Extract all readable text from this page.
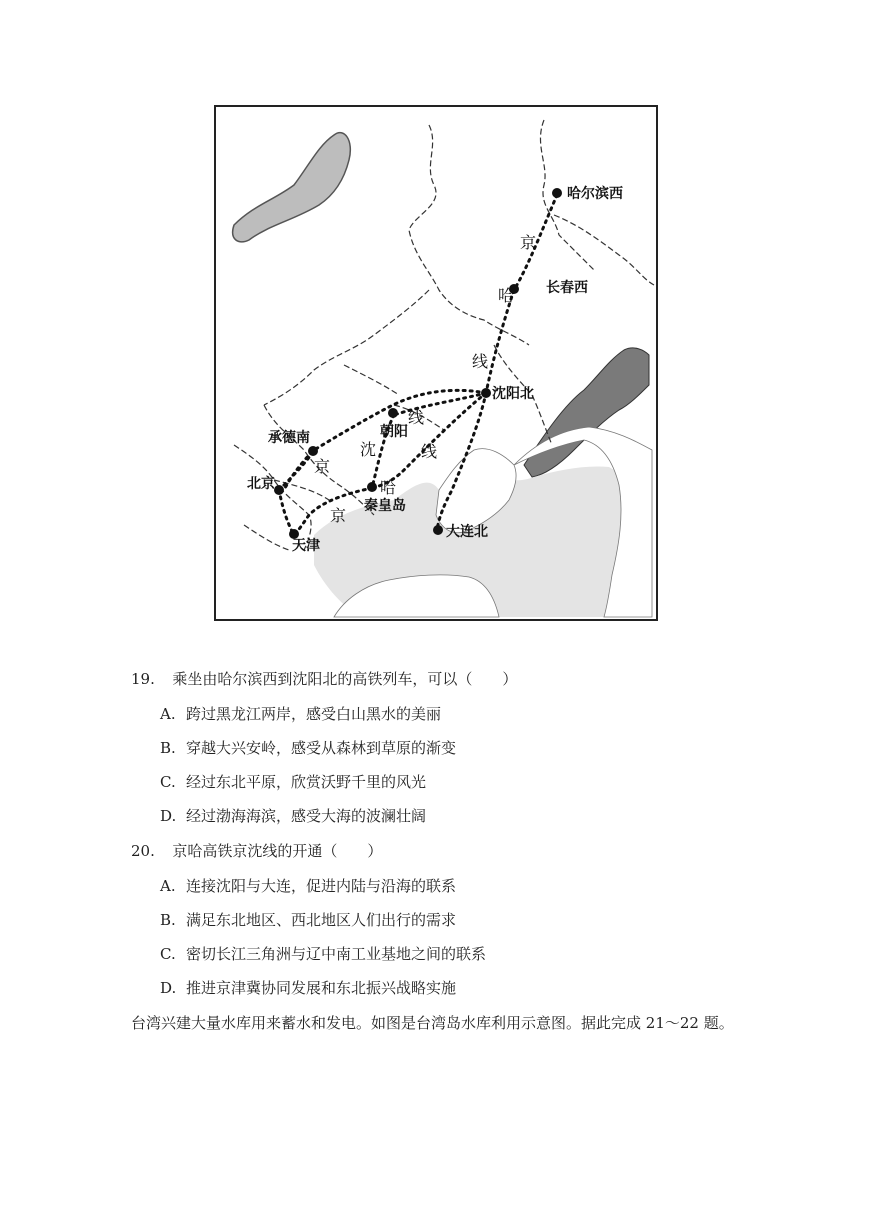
哈尔滨西
长春西
沈阳北
承德南	朝阳
北京
秦皇岛
大连北
天津
京
哈
线
京
沈
线
京
哈
线
19. 乘坐由哈尔滨西到沈阳北的高铁列车，可以（　　）
A. 跨过黑龙江两岸，感受白山黑水的美丽
B. 穿越大兴安岭，感受从森林到草原的渐变
C. 经过东北平原，欣赏沃野千里的风光
D. 经过渤海海滨，感受大海的波澜壮阔
20. 京哈高铁京沈线的开通（　　）
A. 连接沈阳与大连，促进内陆与沿海的联系
B. 满足东北地区、西北地区人们出行的需求
C. 密切长江三角洲与辽中南工业基地之间的联系
D. 推进京津冀协同发展和东北振兴战略实施
台湾兴建大量水库用来蓄水和发电。如图是台湾岛水库利用示意图。据此完成 21～22 题。
